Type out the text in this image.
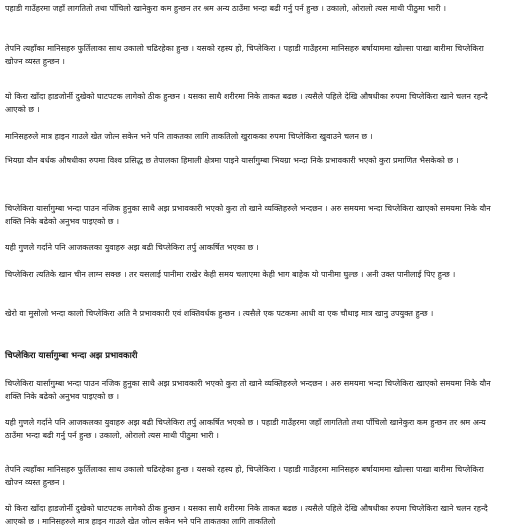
पहाडी गाउँहरमा जहाँ लागतितो तथा पाँचिलो खानेकुरा कम हुन्छन तर श्रम अन्य ठाउँमा भन्दा बढी गर्नु पर्न हुन्छ । उकालो, ओरालो त्यस माथी पीठुमा भारी ।

तेपनि त्यहाँका मानिसहरु फुर्तिलाका साथ उकालो चढिरहेका हुन्छ । यसको रहस्य हो, चिप्लेकिरा । पहाडी गाउँहरमा मानिसहरु बर्षायाममा खोल्सा पाखा बारीमा चिप्लेकिरा खोज्न व्यस्त हुन्छन ।

यो किरा खाँदा हाडजोर्नी दुखेको घाटपटक लागेको ठीक हुन्छन । यसका साथै शरीरमा निके ताकत बढछ । त्यसैले पहिले देखि औषधीका रुपमा चिप्लेकिरा खाने चलन रहन्दै आएको छ ।

मानिसहरुले मात्र हाइन गाउले खेत जोत्न सकेन भने पनि ताकतका लागि ताकतिलो खुराकका रुपमा चिप्लेकिरा खुवाउने चलन छ ।

भियग्रा यौन बर्धक औषधीका रुपमा विश्व प्रसिद्ध छ तेपालका हिमाली क्षेत्रमा पाइने यार्सागुम्बा भियग्रा भन्दा निके प्रभावकारी भएको कुरा प्रमाणित भैसकेको छ ।

चिप्लेकिरा यार्सागुम्बा भन्दा पाउन नजिक हुनुका साथै अझ प्रभावकारी भएको कुरा तो खाने व्यक्तिहरुले भन्दछन । अरु समयमा भन्दा चिप्लेकिरा खाएको समयमा निके यौन शक्ति निके बढेको अनुभव पाइएको छ ।

यही गुणले गर्दाने पनि आजकलका युवाहरु अझ बढी चिप्लेकिरा तर्पु आकर्षित भएका छ ।

चिप्लेकिरा त्यतिके खान चीन लाग्न सक्छ । तर यसलाई पानीमा राखेर केही समय चलाएमा केही भाग बाहेक यो पानीमा घुल्छ । अनी उक्त पानीलाई पिए हुन्छ ।

खेरो वा मुसोलो भन्दा कालो चिप्लेकिरा अति नै प्रभावकारी एवं शक्तिवर्धक हुन्छन । त्यसैले एक पटकमा आधी वा एक चौथाइ मात्र खानु उपयुक्त हुन्छ ।

चिप्लेकिरा यार्सागुम्बा भन्दा अझ प्रभावकारी

चिप्लेकिरा यार्सागुम्बा भन्दा पाउन नजिक हुनुका साथै अझ प्रभावकारी भएको कुरा तो खाने व्यक्तिहरुले भन्दछन । अरु समयमा भन्दा चिप्लेकिरा खाएको समयमा निके यौन शक्ति निके बढेको अनुभव पाइएको छ ।

यही गुणले गर्दाने पनि आजकलका युवाहरु अझ बढी चिप्लेकिरा तर्पु आकर्षित भएको छ । पहाडी गाउँहरमा जहाँ लागतितो तथा पाँचिलो खानेकुरा कम हुन्छन तर श्रम अन्य ठाउँमा भन्दा बढी गर्नु पर्न हुन्छ । उकालो, ओरालो त्यस माथी पीठुमा भारी ।

तेपनि त्यहाँका मानिसहरु फुर्तिलाका साथ उकालो चढिरहेका हुन्छ । यसको रहस्य हो, चिप्लेकिरा । पहाडी गाउँहरमा मानिसहरु बर्षायाममा खोल्सा पाखा बारीमा चिप्लेकिरा खोज्न व्यस्त हुन्छन ।

यो किरा खाँदा हाडजोर्नी दुखेको घाटपटक लागेको ठीक हुन्छन । यसका साथै शरीरमा निके ताकत बढछ । त्यसैले पहिले देखि औषधीका रुपमा चिप्लेकिरा खाने चलन रहन्दै आएको छ । मानिसहरुले मात्र हाइन गाउले खेत जोत्न सकेन भने पनि ताकतका लागि ताकतिलो
